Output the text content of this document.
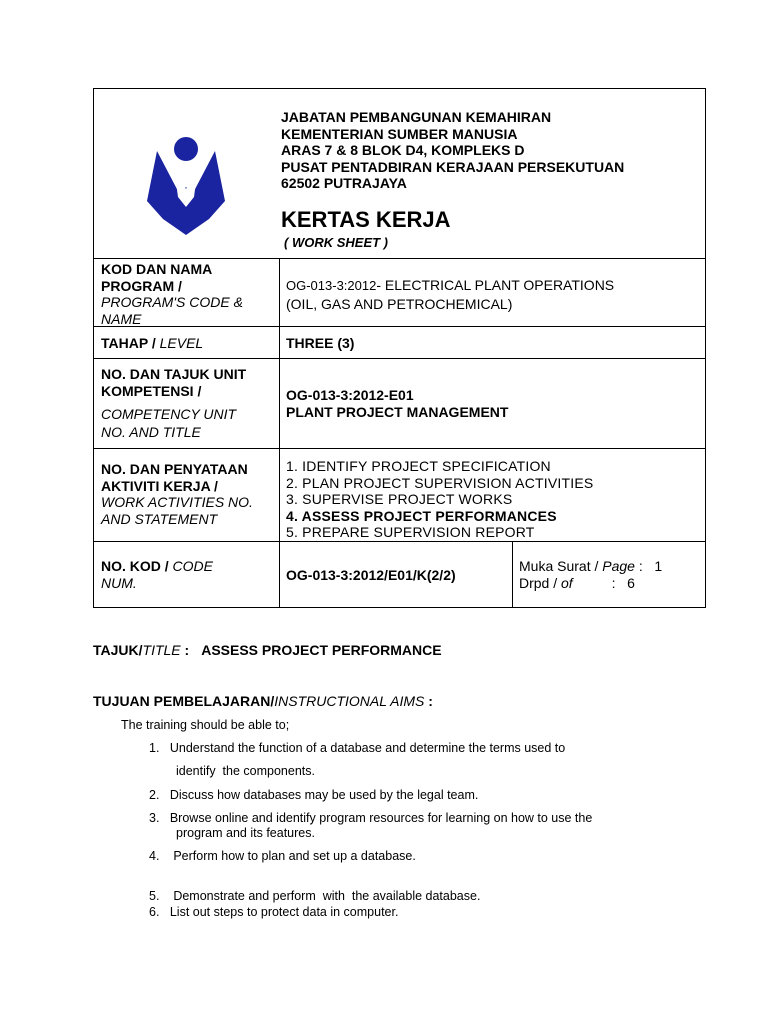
JABATAN PEMBANGUNAN KEMAHIRAN
KEMENTERIAN SUMBER MANUSIA
ARAS 7 & 8 BLOK D4, KOMPLEKS D
PUSAT PENTADBIRAN KERAJAAN PERSEKUTUAN
62502 PUTRAJAYA
KERTAS KERJA
( WORK SHEET )
KOD DAN NAMA
PROGRAM /
PROGRAM'S CODE &
NAME
OG-013-3:2012- ELECTRICAL PLANT OPERATIONS
(OIL, GAS AND PETROCHEMICAL)
TAHAP / LEVEL	THREE (3)
NO. DAN TAJUK UNIT
KOMPETENSI /
COMPETENCY UNIT
NO. AND TITLE
OG-013-3:2012-E01
PLANT PROJECT MANAGEMENT
NO. DAN PENYATAAN
AKTIVITI KERJA /
WORK ACTIVITIES NO.
AND STATEMENT
1. IDENTIFY PROJECT SPECIFICATION
2. PLAN PROJECT SUPERVISION ACTIVITIES
3. SUPERVISE PROJECT WORKS
4. ASSESS PROJECT PERFORMANCES
5. PREPARE SUPERVISION REPORT
NO. KOD / CODE
NUM.	OG-013-3:2012/E01/K(2/2)
Muka Surat / Page :   1
Drpd / of          :   6
TAJUK/TITLE : ASSESS PROJECT PERFORMANCE
TUJUAN PEMBELAJARAN/INSTRUCTIONAL AIMS :
The training should be able to;
1.   Understand the function of a database and determine the terms used to
identify  the components.
2.   Discuss how databases may be used by the legal team.
3.   Browse online and identify program resources for learning on how to use the
program and its features.
4.    Perform how to plan and set up a database.
5.    Demonstrate and perform  with  the available database.
6.   List out steps to protect data in computer.
